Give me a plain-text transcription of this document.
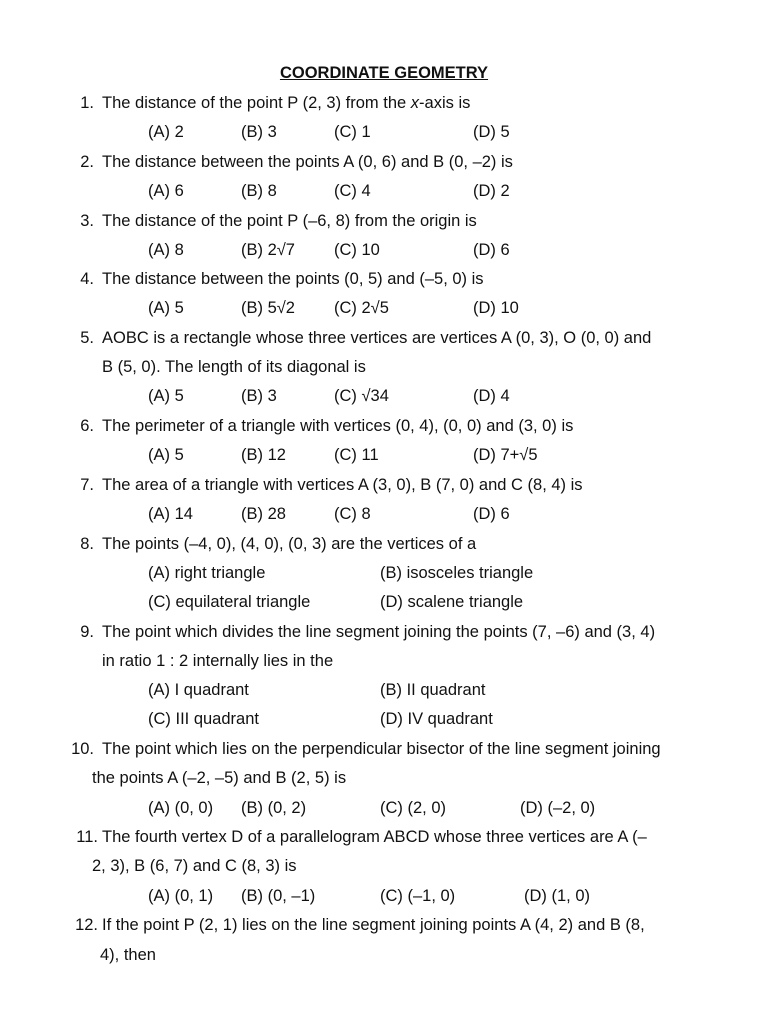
COORDINATE GEOMETRY
1. The distance of the point P (2, 3) from the x-axis is
(A) 2	(B) 3	(C) 1	(D) 5
2. The distance between the points A (0, 6) and B (0, –2) is
(A) 6	(B) 8	(C) 4	(D) 2
3. The distance of the point P (–6, 8) from the origin is
(A) 8	(B) 2√7 (C) 10	(D) 6
4. The distance between the points (0, 5) and (–5, 0) is
(A) 5	(B) 5√2 (C) 2√5	(D) 10
5. AOBC is a rectangle whose three vertices are vertices A (0, 3), O (0, 0) and
B (5, 0). The length of its diagonal is
(A) 5	(B) 3	(C) √34	(D) 4
6. The perimeter of a triangle with vertices (0, 4), (0, 0) and (3, 0) is
(A) 5	(B) 12	(C) 11	(D) 7+√5
7. The area of a triangle with vertices A (3, 0), B (7, 0) and C (8, 4) is
(A) 14	(B) 28	(C) 8	(D) 6
8. The points (–4, 0), (4, 0), (0, 3) are the vertices of a
(A) right triangle	(B) isosceles triangle
(C) equilateral triangle	(D) scalene triangle
9. The point which divides the line segment joining the points (7, –6) and (3, 4)
in ratio 1 : 2 internally lies in the
(A) I quadrant	(B) II quadrant
(C) III quadrant	(D) IV quadrant
10. The point which lies on the perpendicular bisector of the line segment joining
the points A (–2, –5) and B (2, 5) is
(A) (0, 0) (B) (0, 2)	(C) (2, 0)	(D) (–2, 0)
11. The fourth vertex D of a parallelogram ABCD whose three vertices are A (–
2, 3), B (6, 7) and C (8, 3) is
(A) (0, 1) (B) (0, –1)	(C) (–1, 0)	(D) (1, 0)
12. If the point P (2, 1) lies on the line segment joining points A (4, 2) and B (8,
4), then
